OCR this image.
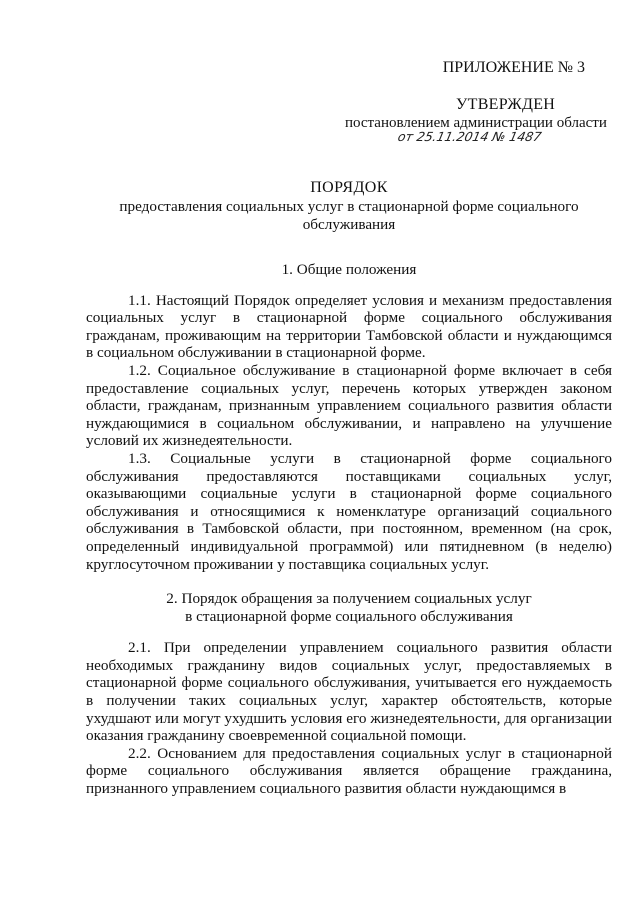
ПРИЛОЖЕНИЕ № 3
УТВЕРЖДЕН
постановлением администрации области
от 25.11.2014 № 1487
ПОРЯДОК
предоставления социальных услуг в стационарной форме социального обслуживания
1. Общие положения

1.1. Настоящий Порядок определяет условия и механизм предоставления социальных услуг в стационарной форме социального обслуживания гражданам, проживающим на территории Тамбовской области и нуждающимся в социальном обслуживании в стационарной форме.

1.2. Социальное обслуживание в стационарной форме включает в себя предоставление социальных услуг, перечень которых утвержден законом области, гражданам, признанным управлением социального развития области нуждающимися в социальном обслуживании, и направлено на улучшение условий их жизнедеятельности.

1.3. Социальные услуги в стационарной форме социального обслуживания предоставляются поставщиками социальных услуг, оказывающими социальные услуги в стационарной форме социального обслуживания и относящимися к номенклатуре организаций социального обслуживания в Тамбовской области, при постоянном, временном (на срок, определенный индивидуальной программой) или пятидневном (в неделю) круглосуточном проживании у поставщика социальных услуг.

2. Порядок обращения за получением социальных услуг
в стационарной форме социального обслуживания

2.1. При определении управлением социального развития области необходимых гражданину видов социальных услуг, предоставляемых в стационарной форме социального обслуживания, учитывается его нуждаемость в получении таких социальных услуг, характер обстоятельств, которые ухудшают или могут ухудшить условия его жизнедеятельности, для организации оказания гражданину своевременной социальной помощи.

2.2. Основанием для предоставления социальных услуг в стационарной форме социального обслуживания является обращение гражданина, признанного управлением социального развития области нуждающимся в
